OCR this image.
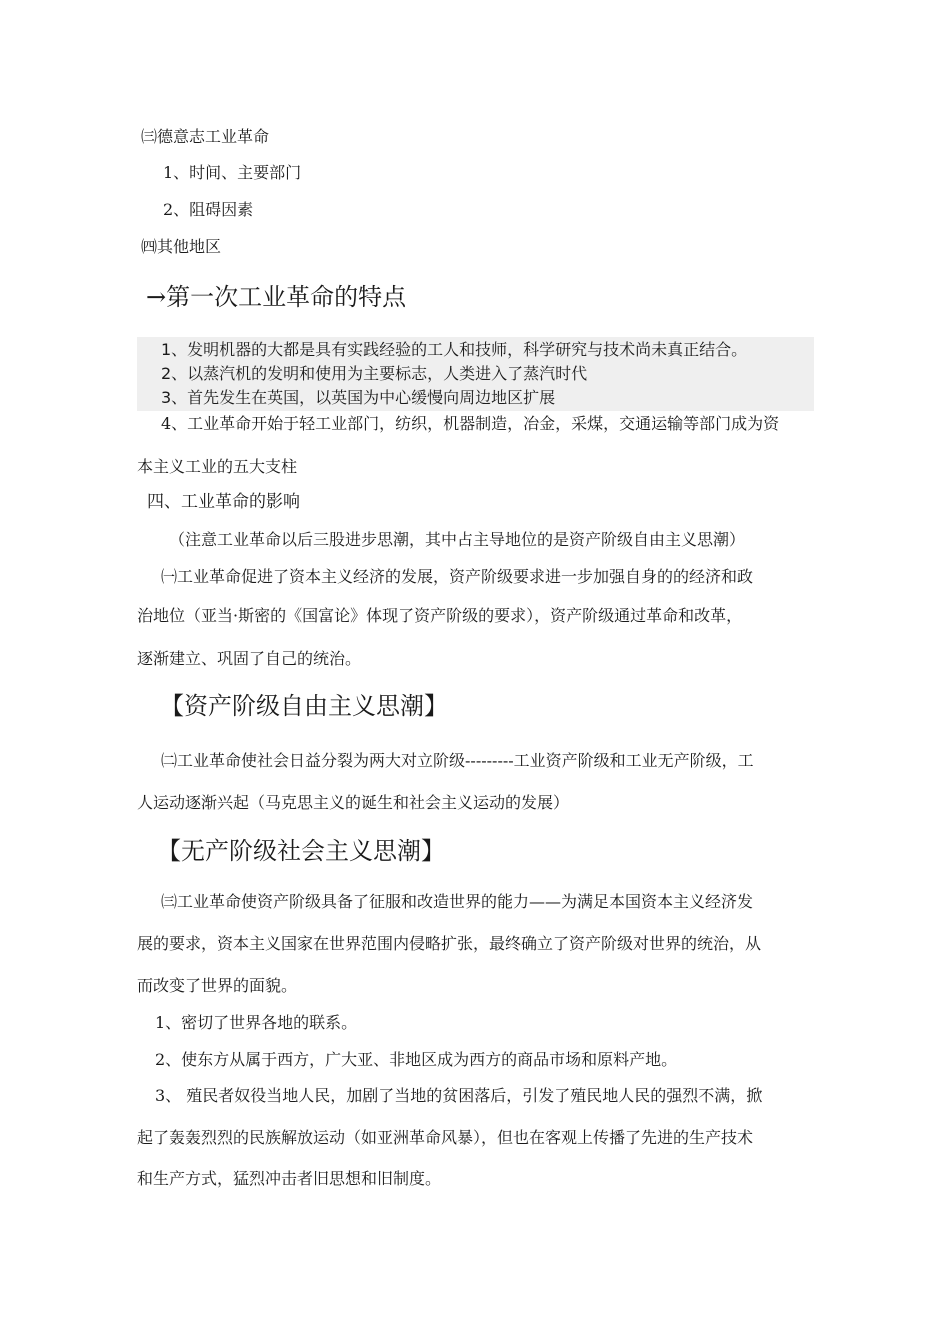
㈢德意志工业革命
1、时间、主要部门
2、阻碍因素
㈣其他地区
→第一次工业革命的特点
1、发明机器的大都是具有实践经验的工人和技师，科学研究与技术尚未真正结合。
2、以蒸汽机的发明和使用为主要标志，人类进入了蒸汽时代
3、首先发生在英国，以英国为中心缓慢向周边地区扩展
4、工业革命开始于轻工业部门，纺织，机器制造，冶金，采煤，交通运输等部门成为资
本主义工业的五大支柱
四、工业革命的影响
（注意工业革命以后三股进步思潮，其中占主导地位的是资产阶级自由主义思潮）
㈠工业革命促进了资本主义经济的发展，资产阶级要求进一步加强自身的的经济和政
治地位（亚当·斯密的《国富论》体现了资产阶级的要求），资产阶级通过革命和改革，
逐渐建立、巩固了自己的统治。
【资产阶级自由主义思潮】
㈡工业革命使社会日益分裂为两大对立阶级---------工业资产阶级和工业无产阶级，工
人运动逐渐兴起（马克思主义的诞生和社会主义运动的发展）
【无产阶级社会主义思潮】
㈢工业革命使资产阶级具备了征服和改造世界的能力——为满足本国资本主义经济发
展的要求，资本主义国家在世界范围内侵略扩张，最终确立了资产阶级对世界的统治，从
而改变了世界的面貌。
1、密切了世界各地的联系。
2、使东方从属于西方，广大亚、非地区成为西方的商品市场和原料产地。
3、 殖民者奴役当地人民，加剧了当地的贫困落后，引发了殖民地人民的强烈不满，掀
起了轰轰烈烈的民族解放运动（如亚洲革命风暴），但也在客观上传播了先进的生产技术
和生产方式，猛烈冲击者旧思想和旧制度。
